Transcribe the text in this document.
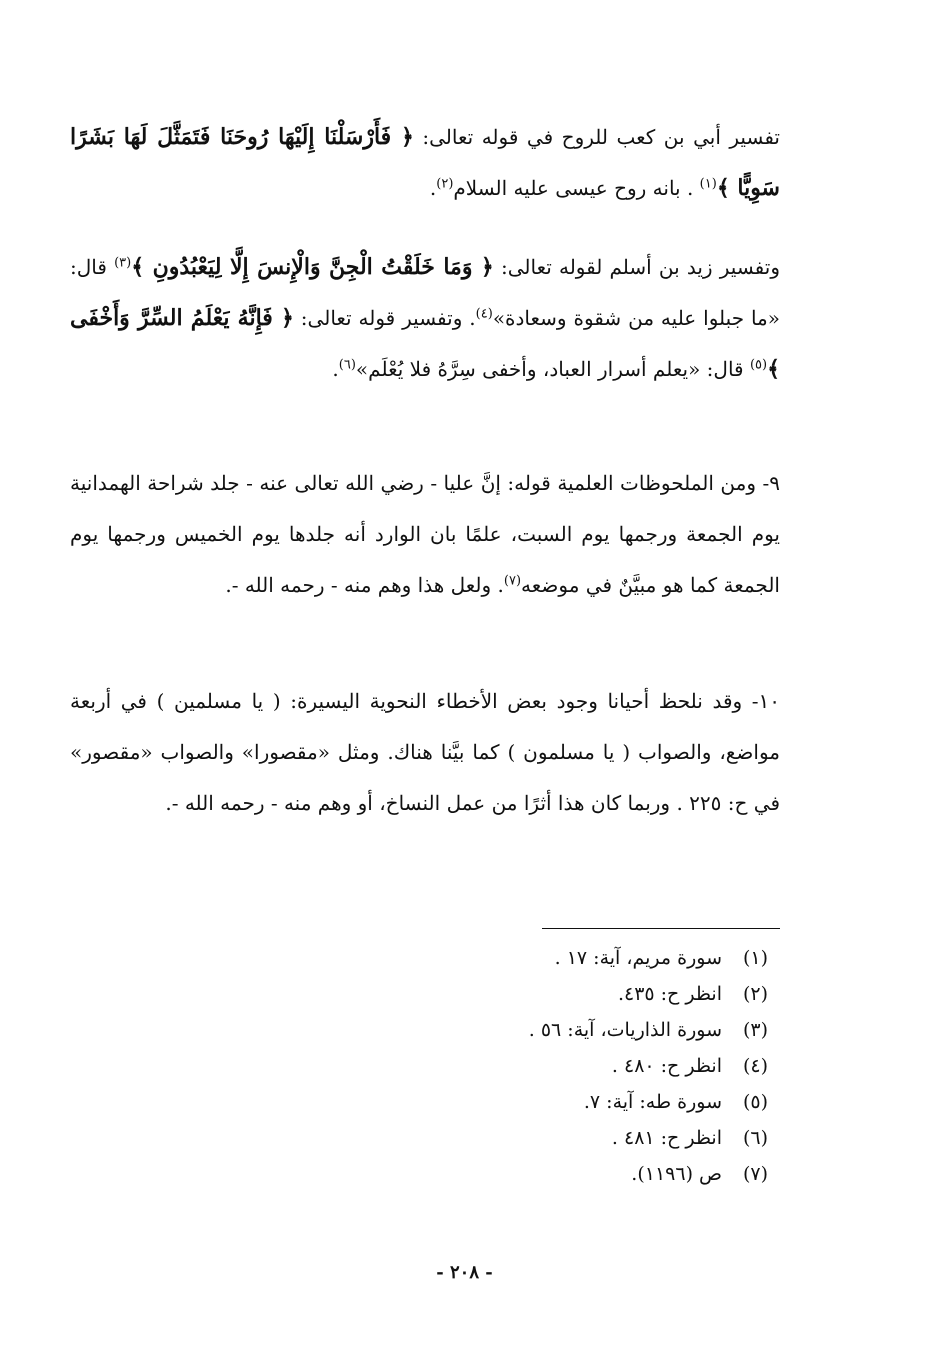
تفسير أبي بن كعب للروح في قوله تعالى: ﴿ فَأَرْسَلْنَا إِلَيْهَا رُوحَنَا فَتَمَثَّلَ لَهَا بَشَرًا سَوِيًّا ﴾$^{(١)}$ . بانه روح عيسى عليه السلام$^{(٢)}$.

وتفسير زيد بن أسلم لقوله تعالى: ﴿ وَمَا خَلَقْتُ الْجِنَّ وَالْإِنسَ إِلَّا لِيَعْبُدُونِ ﴾$^{(٣)}$ قال: «ما جبلوا عليه من شقوة وسعادة»$^{(٤)}$. وتفسير قوله تعالى: ﴿ فَإِنَّهُ يَعْلَمُ السِّرَّ وَأَخْفَى ﴾$^{(٥)}$ قال: «يعلم أسرار العباد، وأخفى سِرَّهُ فلا يُعْلَم»$^{(٦)}$.

٩- ومن الملحوظات العلمية قوله: إنَّ عليا - رضي الله تعالى عنه - جلد شراحة الهمدانية يوم الجمعة ورجمها يوم السبت، علمًا بان الوارد أنه جلدها يوم الخميس ورجمها يوم الجمعة كما هو مبيَّنٌ في موضعه$^{(٧)}$. ولعل هذا وهم منه - رحمه الله -.

١٠- وقد نلحظ أحيانا وجود بعض الأخطاء النحوية اليسيرة: ( يا مسلمين ) في أربعة مواضع، والصواب ( يا مسلمون ) كما بيَّنا هناك. ومثل «مقصورا» والصواب «مقصور» في ح: ٢٢٥ . وربما كان هذا أثرًا من عمل النساخ، أو وهم منه - رحمه الله -.

(١)سورة مريم، آية: ١٧ .
(٢)انظر ح: ٤٣٥.
(٣)سورة الذاريات، آية: ٥٦ .
(٤)انظر ح: ٤٨٠ .
(٥)سورة طه: آية: ٧.
(٦)انظر ح: ٤٨١ .
(٧)ص (١١٩٦).
- ٢٠٨ -
